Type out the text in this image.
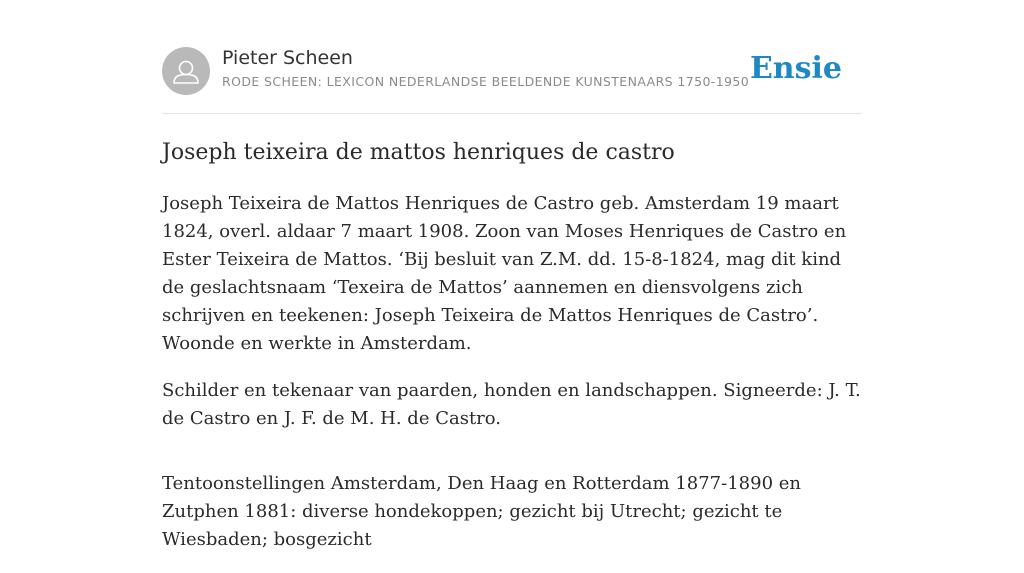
Pieter Scheen
RODE SCHEEN: LEXICON NEDERLANDSE BEELDENDE KUNSTENAARS 1750-1950 Ensie
Joseph teixeira de mattos henriques de castro

Joseph Teixeira de Mattos Henriques de Castro geb. Amsterdam 19 maart 1824, overl. aldaar 7 maart 1908. Zoon van Moses Henriques de Castro en Ester Teixeira de Mattos. ‘Bij besluit van Z.M. dd. 15-8-1824, mag dit kind de geslachtsnaam ‘Texeira de Mattos’ aannemen en diensvolgens zich schrijven en teekenen: Joseph Teixeira de Mattos Henriques de Castro’. Woonde en werkte in Amsterdam.

Schilder en tekenaar van paarden, honden en landschappen. Signeerde: J. T. de Castro en J. F. de M. H. de Castro.

Tentoonstellingen Amsterdam, Den Haag en Rotterdam 1877-1890 en Zutphen 1881: diverse hondekoppen; gezicht bij Utrecht; gezicht te Wiesbaden; bosgezicht
